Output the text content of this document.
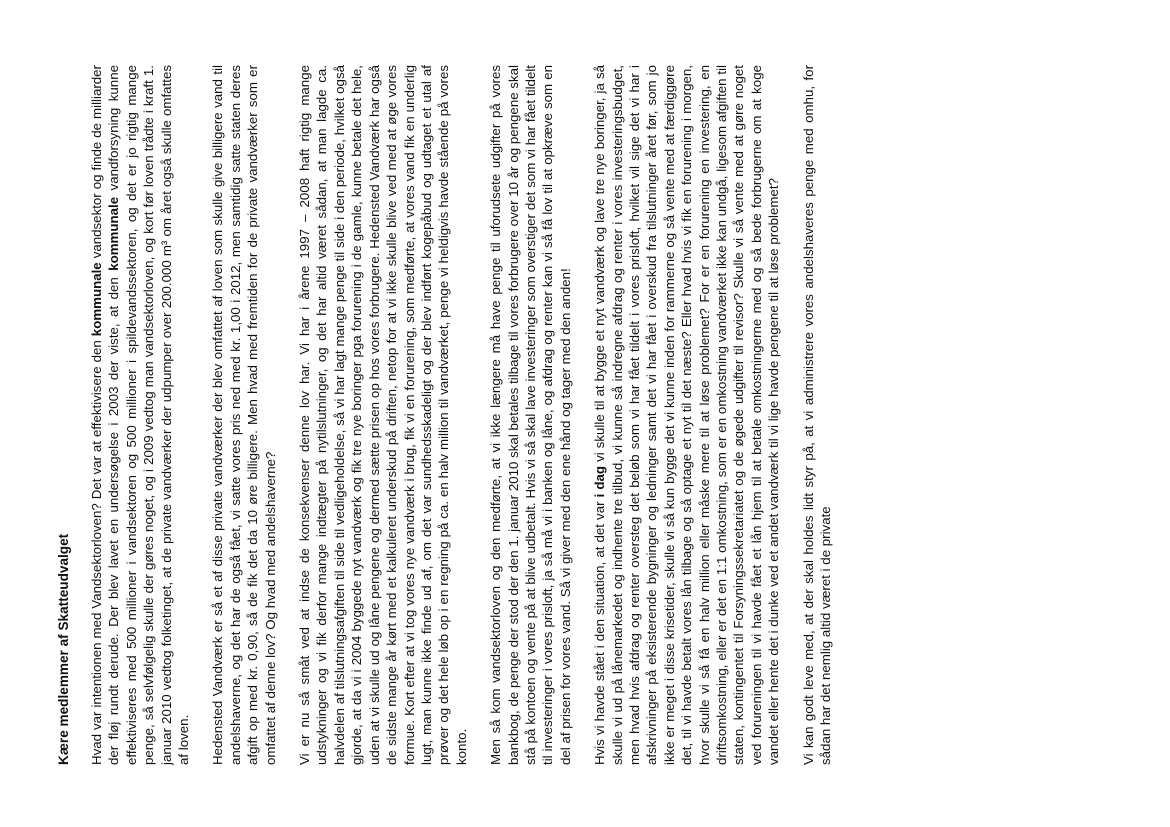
Kære medlemmer af Skatteudvalget Hvad var intentionen med Vandsektorloven? Det var at effektivisere den kommunale vandsektor og finde de milliarder der fløj rundt derude. Der blev lavet en undersøgelse i 2003 der viste, at den kommunale vandforsyning kunne effektiviseres med 500 millioner i vandsektoren og 500 millioner i spildevandssektoren, og det er jo rigtig mange penge, så selvfølgelig skulle der gøres noget, og i 2009 vedtog man vandsektorloven, og kort før loven trådte i kraft 1. januar 2010 vedtog folketinget, at de private vandværker der udpumper over 200.000 m³ om året også skulle omfattes af loven. Hedensted Vandværk er så et af disse private vandværker der blev omfattet af loven som skulle give billigere vand til andelshaverne, og det har de også fået, vi satte vores pris ned med kr. 1,00 i 2012, men samtidig satte staten deres afgift op med kr. 0,90, så de fik det da 10 øre billigere. Men hvad med fremtiden for de private vandværker som er omfattet af denne lov? Og hvad med andelshaverne? Vi er nu så småt ved at indse de konsekvenser denne lov har. Vi har i årene 1997 – 2008 haft rigtig mange udstykninger og vi fik derfor mange indtægter på nytilslutninger, og det har altid været sådan, at man lagde ca. halvdelen af tilslutningsafgiften til side til vedligeholdelse, så vi har lagt mange penge til side i den periode, hvilket også gjorde, at da vi i 2004 byggede nyt vandværk og fik tre nye boringer pga forurening i de gamle, kunne betale det hele, uden at vi skulle ud og låne pengene og dermed sætte prisen op hos vores forbrugere. Hedensted Vandværk har også de sidste mange år kørt med et kalkuleret underskud på driften, netop for at vi ikke skulle blive ved med at øge vores formue. Kort efter at vi tog vores nye vandværk i brug, fik vi en forurening, som medførte, at vores vand fik en underlig lugt, man kunne ikke finde ud af, om det var sundhedsskadeligt og der blev indført kogepåbud og udtaget et utal af prøver og det hele løb op i en regning på ca. en halv million til vandværket, penge vi heldigvis havde stående på vores konto. Men så kom vandsektorloven og den medførte, at vi ikke længere må have penge til uforudsete udgifter på vores bankbog, de penge der stod der den 1. januar 2010 skal betales tilbage til vores forbrugere over 10 år og pengene skal stå på kontoen og vente på at blive udbetalt. Hvis vi så skal lave investeringer som overstiger det som vi har fået tildelt til investeringer i vores prisloft, ja så må vi i banken og låne, og afdrag og renter kan vi så få lov til at opkræve som en del af prisen for vores vand. Så vi giver med den ene hånd og tager med den anden! Hvis vi havde stået i den situation, at det var i dag vi skulle til at bygge et nyt vandværk og lave tre nye boringer, ja så skulle vi ud på lånemarkedet og indhente tre tilbud, vi kunne så indregne afdrag og renter i vores investeringsbudget, men hvad hvis afdrag og renter oversteg det beløb som vi har fået tildelt i vores prisloft, hvilket vil sige det vi har i afskrivninger på eksisterende bygninger og ledninger samt det vi har fået i overskud fra tilslutninger året før, som jo ikke er meget i disse krisetider, skulle vi så kun bygge det vi kunne inden for rammerne og så vente med at færdiggøre det, til vi havde betalt vores lån tilbage og så optage et nyt til det næste? Eller hvad hvis vi fik en forurening i morgen, hvor skulle vi så få en halv million eller måske mere til at løse problemet? For er en forurening en investering, en driftsomkostning, eller er det en 1:1 omkostning, som er en omkostning vandværket ikke kan undgå, ligesom afgiften til staten, kontingentet til Forsyningssekretariatet og de øgede udgifter til revisor? Skulle vi så vente med at gøre noget ved forureningen til vi havde fået et lån hjem til at betale omkostningerne med og så bede forbrugerne om at koge vandet eller hente det i dunke ved et andet vandværk til vi lige havde pengene til at løse problemet? Vi kan godt leve med, at der skal holdes lidt styr på, at vi administrere vores andelshaveres penge med omhu, for sådan har det nemlig altid været i de private
